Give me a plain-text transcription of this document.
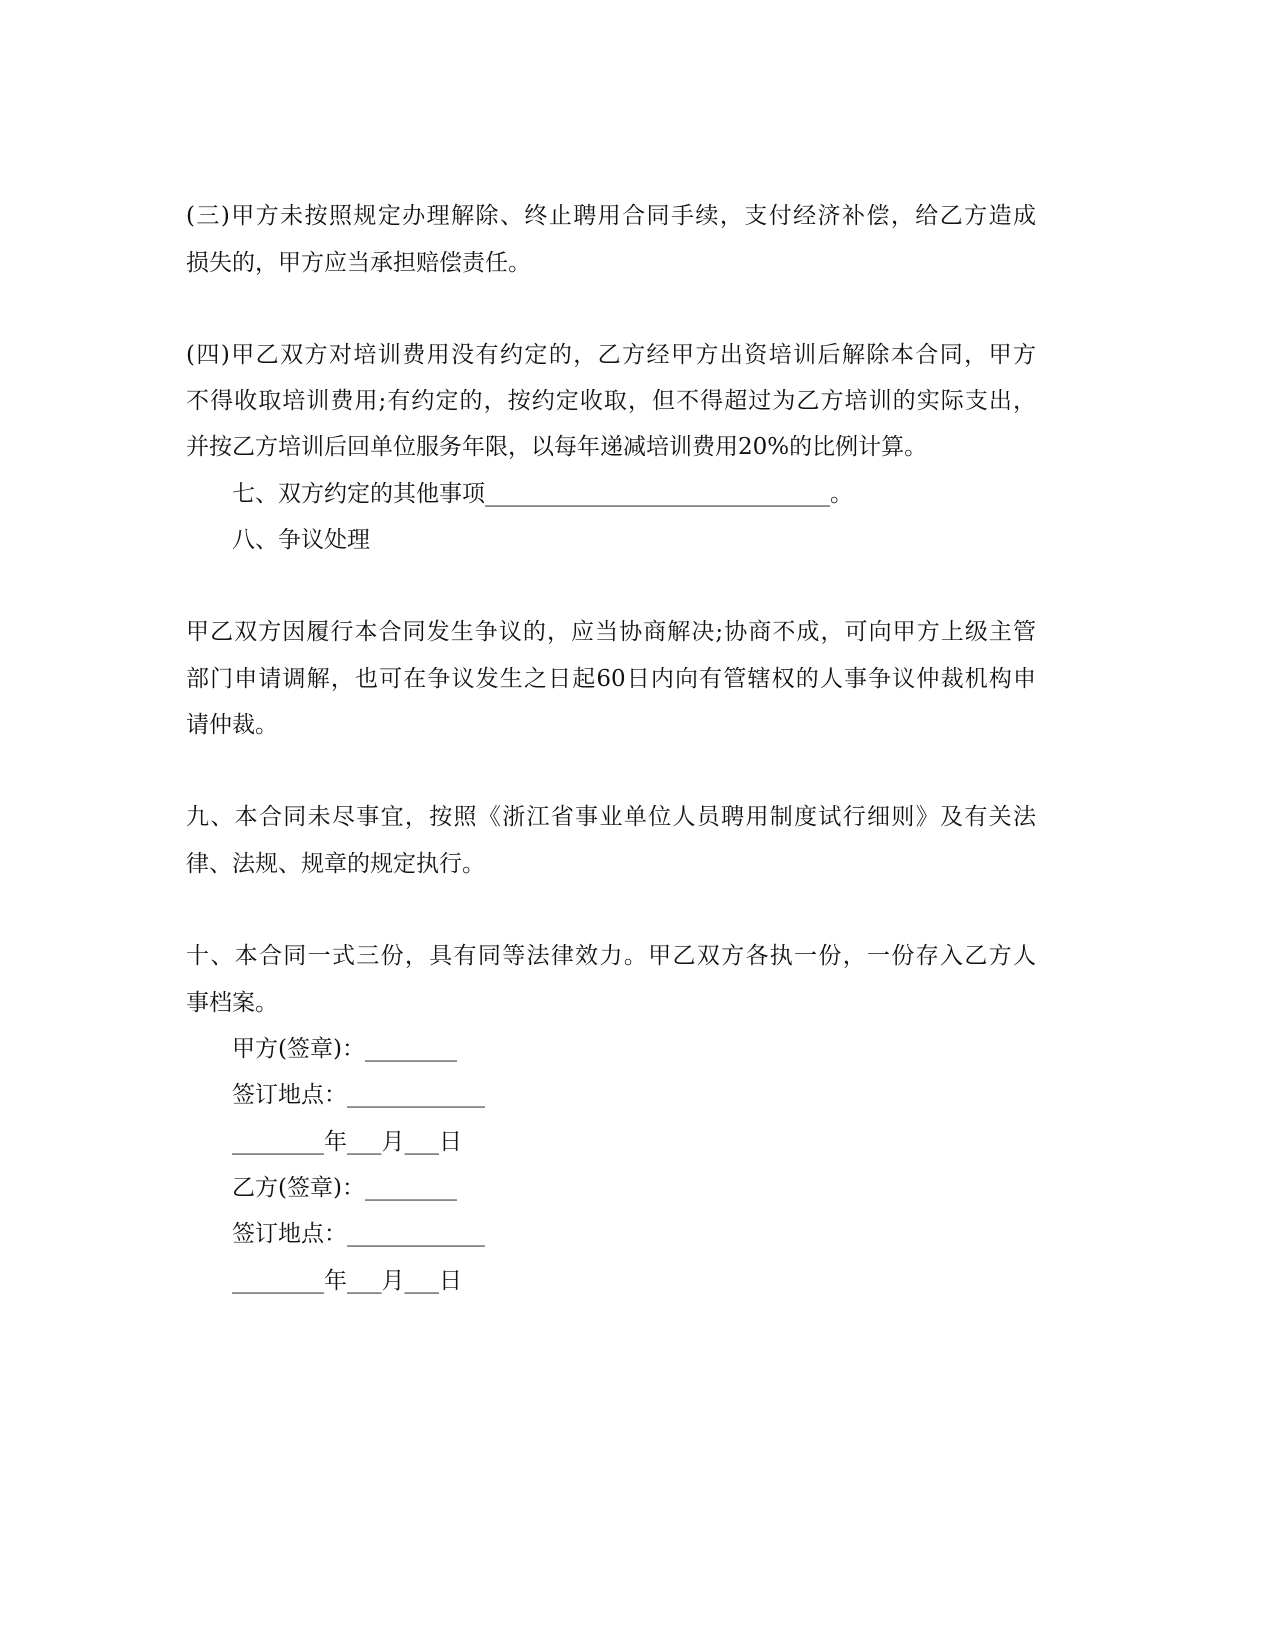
(三)甲方未按照规定办理解除、终止聘用合同手续，支付经济补偿，给乙方造成
损失的，甲方应当承担赔偿责任。
(四)甲乙双方对培训费用没有约定的，乙方经甲方出资培训后解除本合同，甲方
不得收取培训费用;有约定的，按约定收取，但不得超过为乙方培训的实际支出，
并按乙方培训后回单位服务年限，以每年递减培训费用20%的比例计算。
七、双方约定的其他事项______________________________。
八、争议处理
甲乙双方因履行本合同发生争议的，应当协商解决;协商不成，可向甲方上级主管
部门申请调解，也可在争议发生之日起60日内向有管辖权的人事争议仲裁机构申
请仲裁。
九、本合同未尽事宜，按照《浙江省事业单位人员聘用制度试行细则》及有关法
律、法规、规章的规定执行。
十、本合同一式三份，具有同等法律效力。甲乙双方各执一份，一份存入乙方人
事档案。
甲方(签章)：________
签订地点：____________
________年___月___日
乙方(签章)：________
签订地点：____________
________年___月___日
